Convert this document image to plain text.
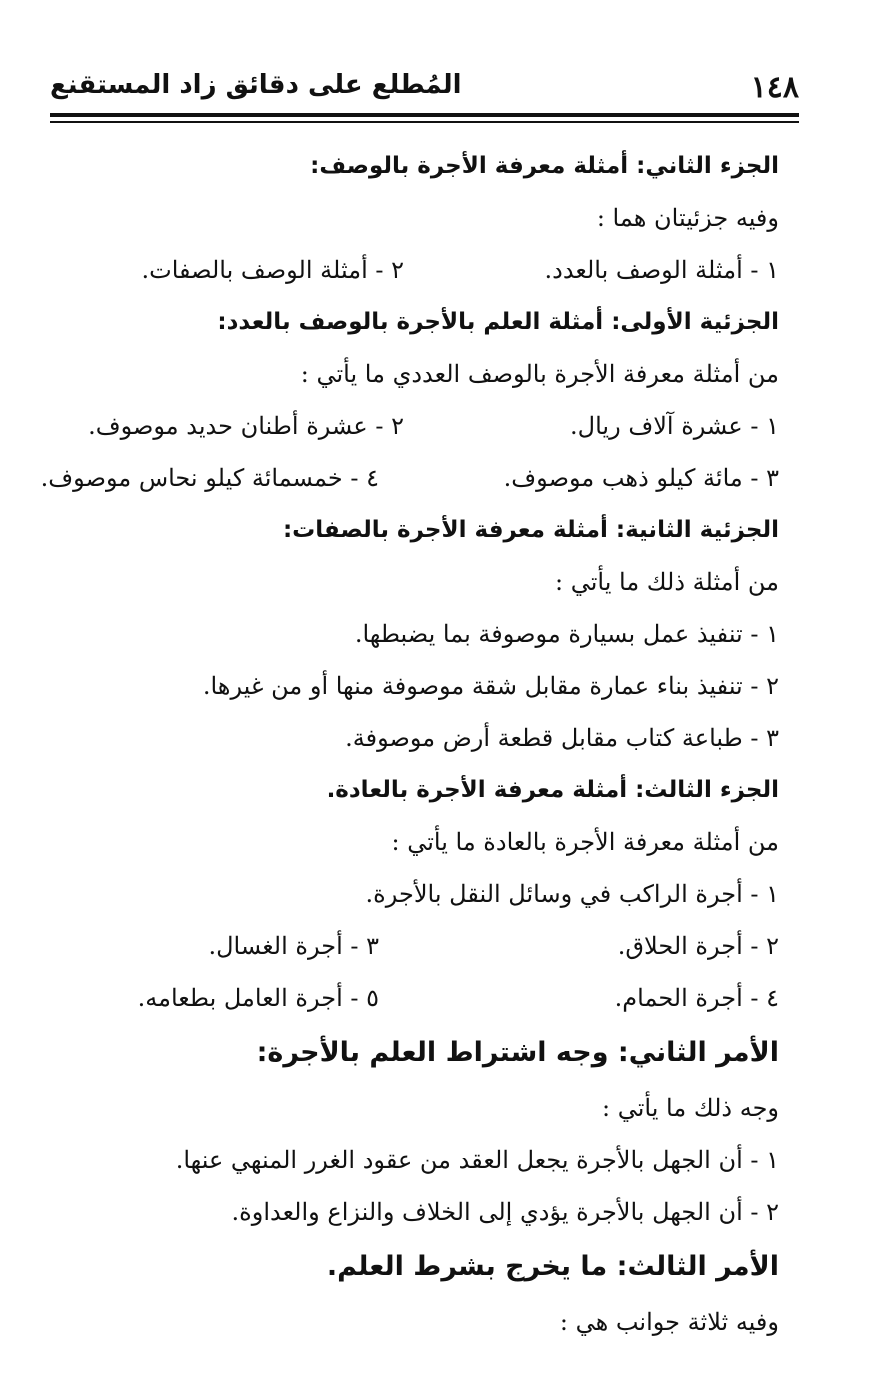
١٤٨
المُطلع على دقائق زاد المستقنع
الجزء الثاني: أمثلة معرفة الأجرة بالوصف:
وفيه جزئيتان هما :
١ - أمثلة الوصف بالعدد.
٢ - أمثلة الوصف بالصفات.
الجزئية الأولى: أمثلة العلم بالأجرة بالوصف بالعدد:
من أمثلة معرفة الأجرة بالوصف العددي ما يأتي :
١ - عشرة آلاف ريال.
٢ - عشرة أطنان حديد موصوف.
٣ - مائة كيلو ذهب موصوف.
٤ - خمسمائة كيلو نحاس موصوف.
الجزئية الثانية: أمثلة معرفة الأجرة بالصفات:
من أمثلة ذلك ما يأتي :
١ - تنفيذ عمل بسيارة موصوفة بما يضبطها.
٢ - تنفيذ بناء عمارة مقابل شقة موصوفة منها أو من غيرها.
٣ - طباعة كتاب مقابل قطعة أرض موصوفة.
الجزء الثالث: أمثلة معرفة الأجرة بالعادة.
من أمثلة معرفة الأجرة بالعادة ما يأتي :
١ - أجرة الراكب في وسائل النقل بالأجرة.
٢ - أجرة الحلاق.
٣ - أجرة الغسال.
٤ - أجرة الحمام.
٥ - أجرة العامل بطعامه.
الأمر الثاني: وجه اشتراط العلم بالأجرة:
وجه ذلك ما يأتي :
١ - أن الجهل بالأجرة يجعل العقد من عقود الغرر المنهي عنها.
٢ - أن الجهل بالأجرة يؤدي إلى الخلاف والنزاع والعداوة.
الأمر الثالث: ما يخرج بشرط العلم.
وفيه ثلاثة جوانب هي :
